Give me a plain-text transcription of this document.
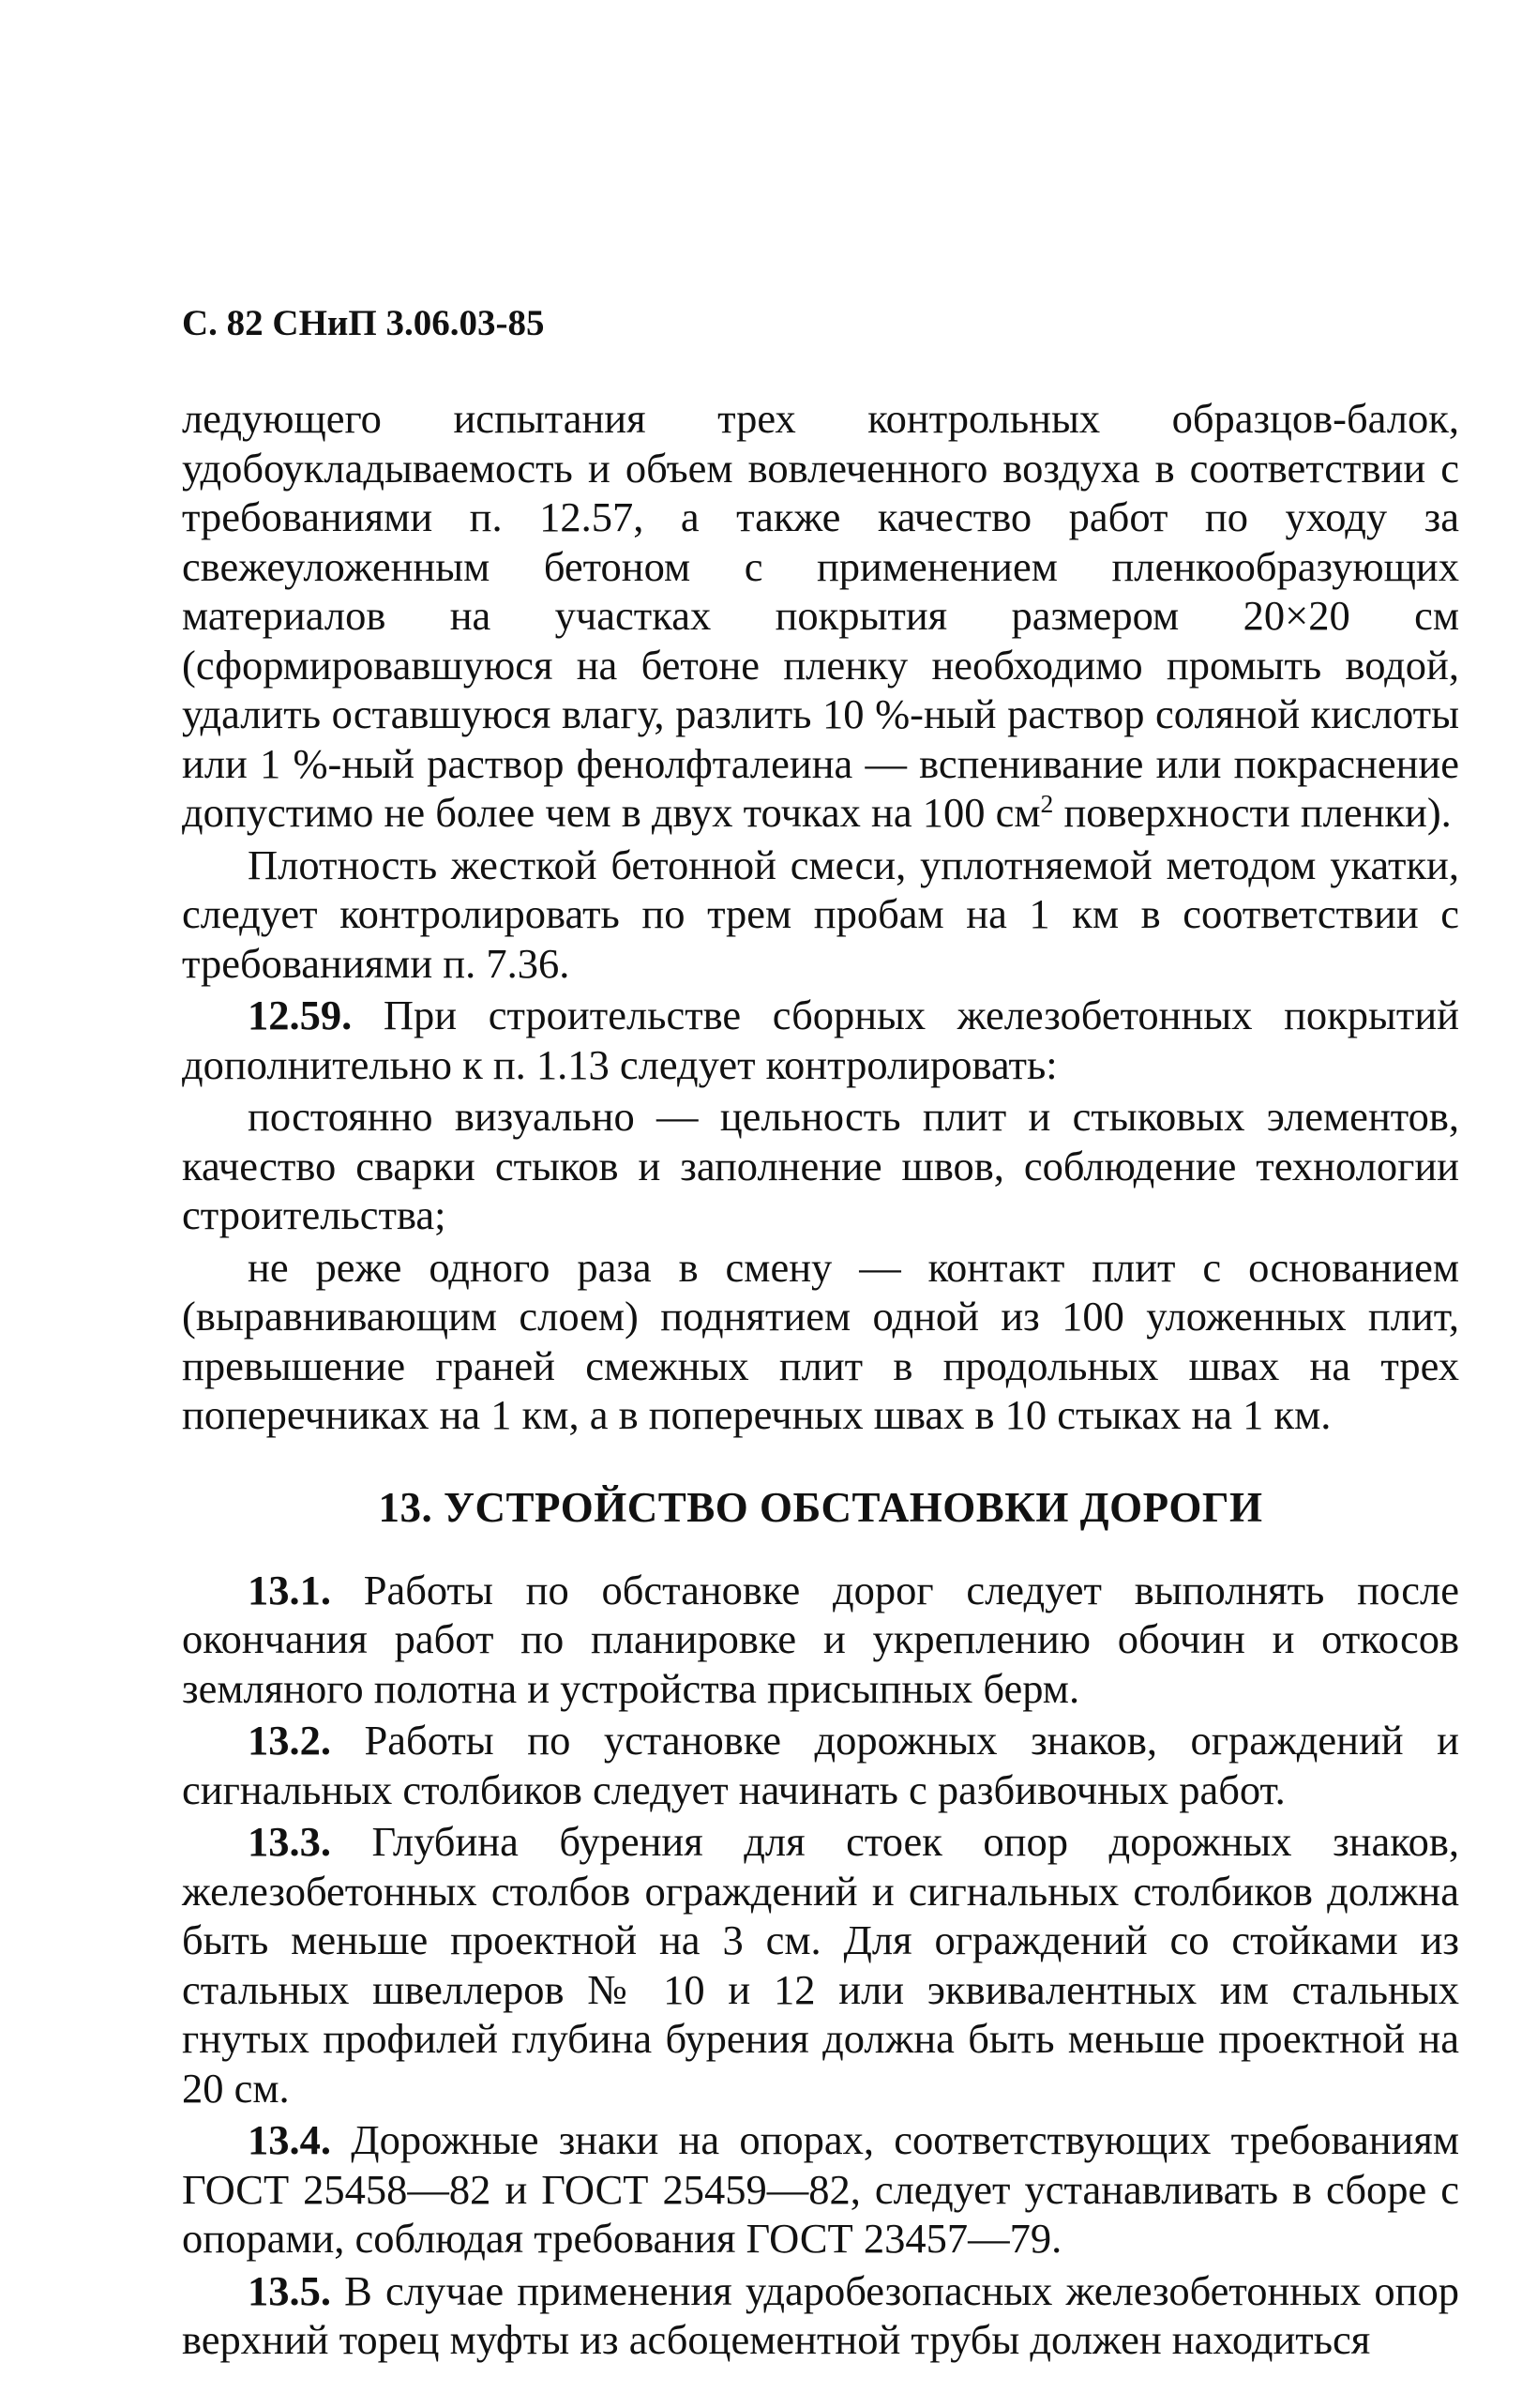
С. 82 СНиП 3.06.03-85

ледующего испытания трех контрольных образцов-балок, удобоукладываемость и объем вовлеченного воздуха в соответствии с требованиями п. 12.57, а также качество работ по уходу за свежеуложенным бетоном с применением пленкообразующих материалов на участках покрытия размером 20×20 см (сформировавшуюся на бетоне пленку необходимо промыть водой, удалить оставшуюся влагу, разлить 10 %-ный раствор соляной кислоты или 1 %-ный раствор фенолфталеина — вспенивание или покраснение допустимо не более чем в двух точках на 100 $см^2$ поверхности пленки).

Плотность жесткой бетонной смеси, уплотняемой методом укатки, следует контролировать по трем пробам на 1 км в соответствии с требованиями п. 7.36.

12.59. При строительстве сборных железобетонных покрытий дополнительно к п. 1.13 следует контролировать:

постоянно визуально — цельность плит и стыковых элементов, качество сварки стыков и заполнение швов, соблюдение технологии строительства;

не реже одного раза в смену — контакт плит с основанием (выравнивающим слоем) поднятием одной из 100 уложенных плит, превышение граней смежных плит в продольных швах на трех поперечниках на 1 км, а в поперечных швах в 10 стыках на 1 км.

13. УСТРОЙСТВО ОБСТАНОВКИ ДОРОГИ

13.1. Работы по обстановке дорог следует выполнять после окончания работ по планировке и укреплению обочин и откосов земляного полотна и устройства присыпных берм.

13.2. Работы по установке дорожных знаков, ограждений и сигнальных столбиков следует начинать с разбивочных работ.

13.3. Глубина бурения для стоек опор дорожных знаков, железобетонных столбов ограждений и сигнальных столбиков должна быть меньше проектной на 3 см. Для ограждений со стойками из стальных швеллеров № 10 и 12 или эквивалентных им стальных гнутых профилей глубина бурения должна быть меньше проектной на 20 см.

13.4. Дорожные знаки на опорах, соответствующих требованиям ГОСТ 25458—82 и ГОСТ 25459—82, следует устанавливать в сборе с опорами, соблюдая требования ГОСТ 23457—79.

13.5. В случае применения ударобезопасных железобетонных опор верхний торец муфты из асбоцементной трубы должен находиться
